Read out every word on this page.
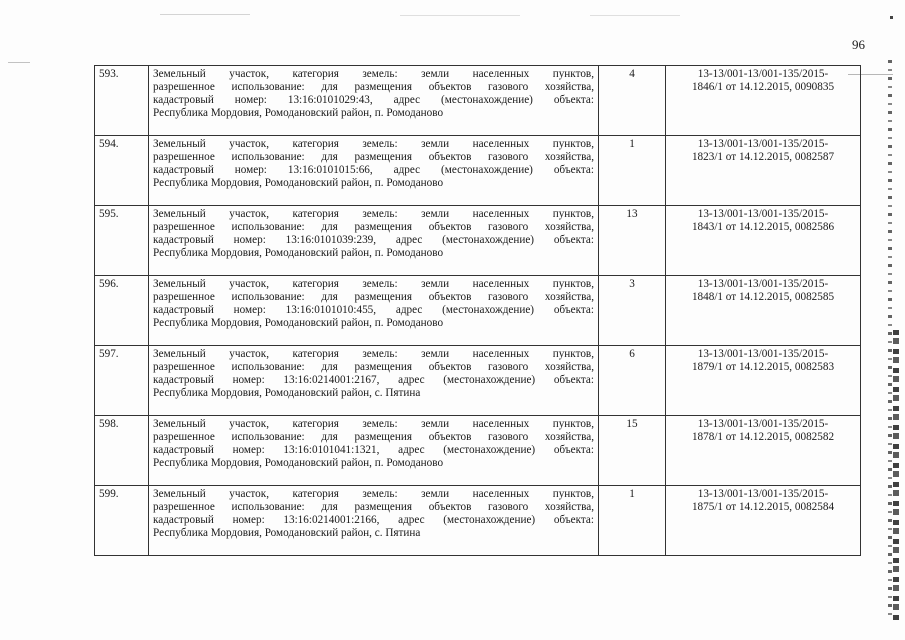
96
593.	Земельный участок, категория земель: земли населенных пунктов,
разрешенное использование: для размещения объектов газового хозяйства,
кадастровый номер: 13:16:0101029:43, адрес (местонахождение) объекта:
Республика Мордовия, Ромодановский район, п. Ромоданово	4	13-13/001-13/001-135/2015-
1846/1 от 14.12.2015, 0090835

594.	Земельный участок, категория земель: земли населенных пунктов,
разрешенное использование: для размещения объектов газового хозяйства,
кадастровый номер: 13:16:0101015:66, адрес (местонахождение) объекта:
Республика Мордовия, Ромодановский район, п. Ромоданово	1	13-13/001-13/001-135/2015-
1823/1 от 14.12.2015, 0082587

595.	Земельный участок, категория земель: земли населенных пунктов,
разрешенное использование: для размещения объектов газового хозяйства,
кадастровый номер: 13:16:0101039:239, адрес (местонахождение) объекта:
Республика Мордовия, Ромодановский район, п. Ромоданово	13	13-13/001-13/001-135/2015-
1843/1 от 14.12.2015, 0082586

596.	Земельный участок, категория земель: земли населенных пунктов,
разрешенное использование: для размещения объектов газового хозяйства,
кадастровый номер: 13:16:0101010:455, адрес (местонахождение) объекта:
Республика Мордовия, Ромодановский район, п. Ромоданово	3	13-13/001-13/001-135/2015-
1848/1 от 14.12.2015, 0082585

597.	Земельный участок, категория земель: земли населенных пунктов,
разрешенное использование: для размещения объектов газового хозяйства,
кадастровый номер: 13:16:0214001:2167, адрес (местонахождение) объекта:
Республика Мордовия, Ромодановский район, с. Пятина	6	13-13/001-13/001-135/2015-
1879/1 от 14.12.2015, 0082583

598.	Земельный участок, категория земель: земли населенных пунктов,
разрешенное использование: для размещения объектов газового хозяйства,
кадастровый номер: 13:16:0101041:1321, адрес (местонахождение) объекта:
Республика Мордовия, Ромодановский район, п. Ромоданово	15	13-13/001-13/001-135/2015-
1878/1 от 14.12.2015, 0082582

599.	Земельный участок, категория земель: земли населенных пунктов,
разрешенное использование: для размещения объектов газового хозяйства,
кадастровый номер: 13:16:0214001:2166, адрес (местонахождение) объекта:
Республика Мордовия, Ромодановский район, с. Пятина	1	13-13/001-13/001-135/2015-
1875/1 от 14.12.2015, 0082584
